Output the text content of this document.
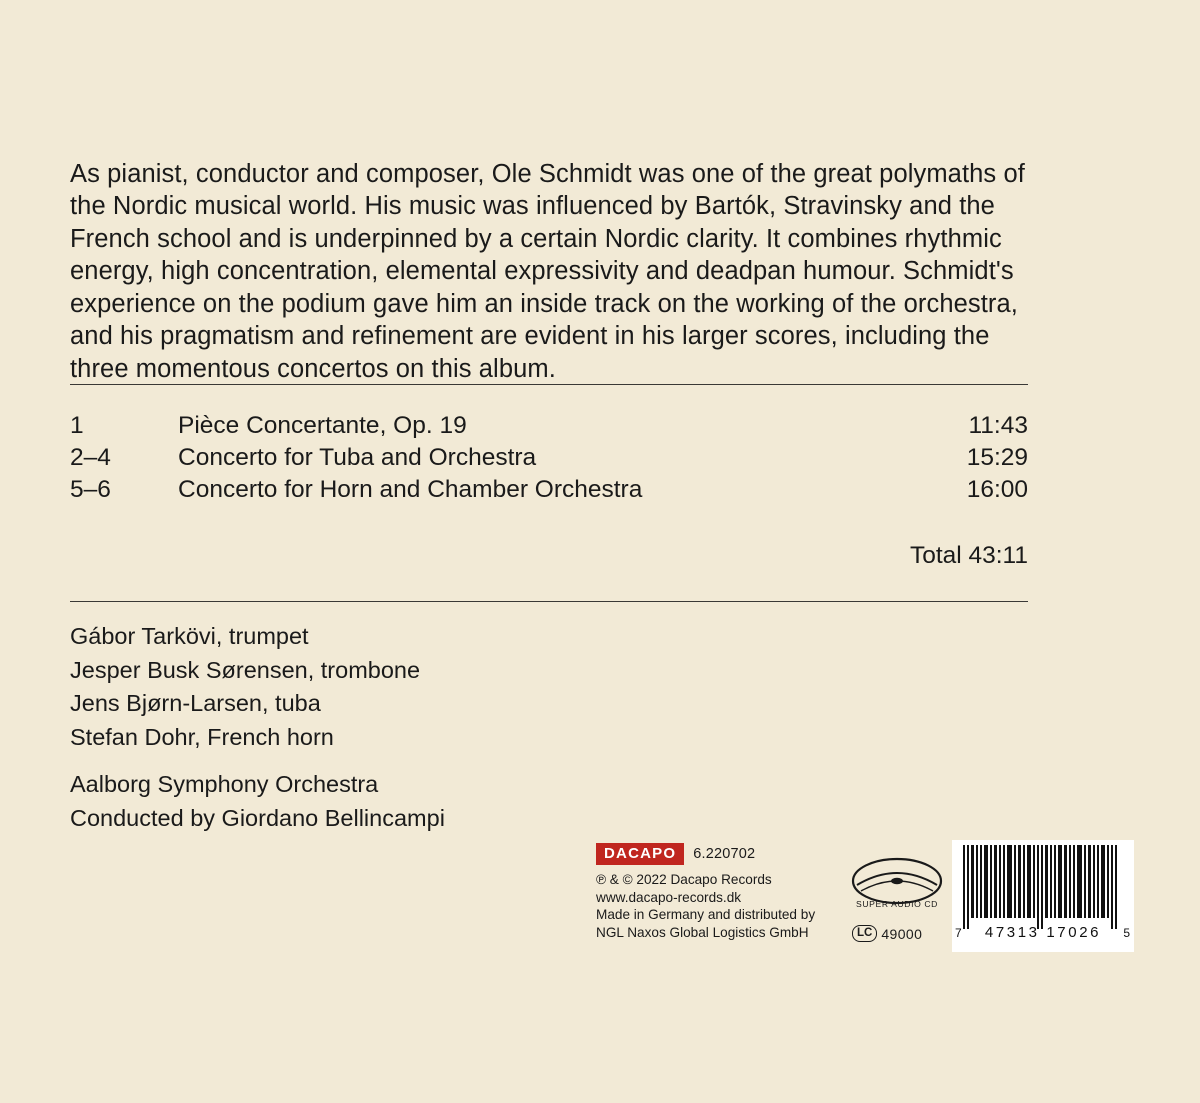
As pianist, conductor and composer, Ole Schmidt was one of the great polymaths of the Nordic musical world. His music was influenced by Bartók, Stravinsky and the French school and is underpinned by a certain Nordic clarity. It combines rhythmic energy, high concentration, elemental expressivity and deadpan humour. Schmidt's experience on the podium gave him an inside track on the working of the orchestra, and his pragmatism and refinement are evident in his larger scores, including the three momentous concertos on this album.

1	Pièce Concertante, Op. 19	11:43
2–4	Concerto for Tuba and Orchestra	15:29
5–6	Concerto for Horn and Chamber Orchestra	16:00
Total 43:11
Gábor Tarkövi, trumpet
Jesper Busk Sørensen, trombone
Jens Bjørn-Larsen, tuba
Stefan Dohr, French horn
Aalborg Symphony Orchestra
Conducted by Giordano Bellincampi
DACAPO	6.220702
℗ & © 2022 Dacapo Records
www.dacapo-records.dk
Made in Germany and distributed by
NGL Naxos Global Logistics GmbH
SUPER AUDIO CD
LC 49000	7	47313 17026	5
